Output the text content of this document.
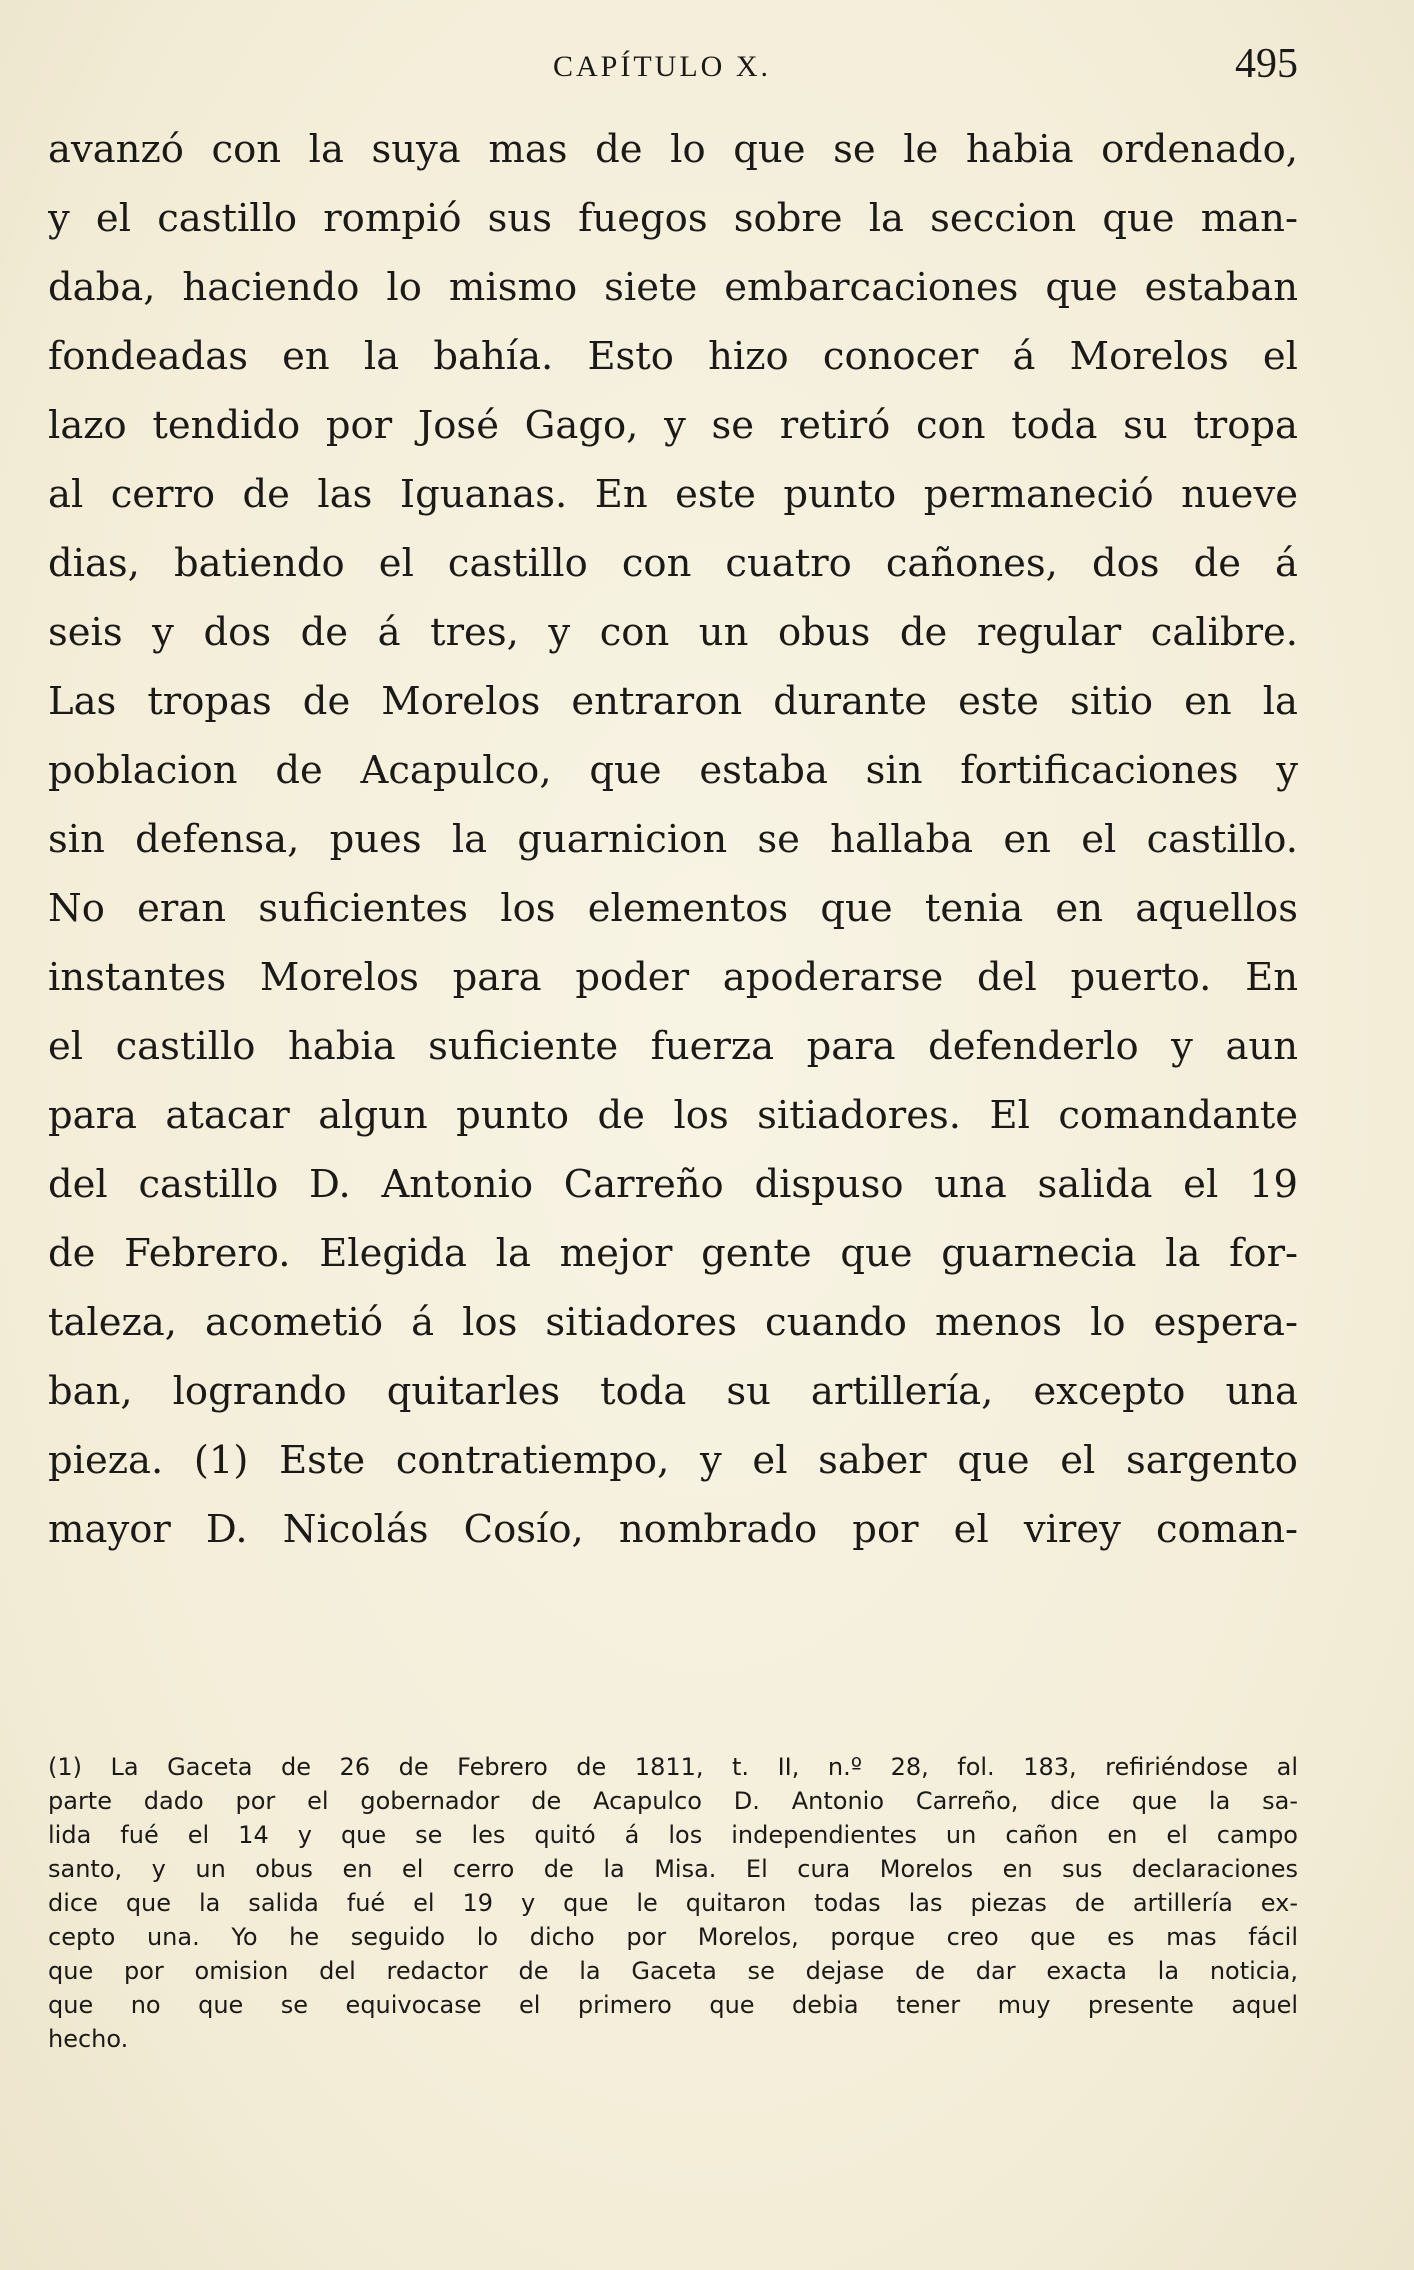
CAPÍTULO X.	495
avanzó con la suya mas de lo que se le habia ordenado,
y el castillo rompió sus fuegos sobre la seccion que man-
daba, haciendo lo mismo siete embarcaciones que estaban
fondeadas en la bahía. Esto hizo conocer á Morelos el
lazo tendido por José Gago, y se retiró con toda su tropa
al cerro de las Iguanas. En este punto permaneció nueve
dias, batiendo el castillo con cuatro cañones, dos de á
seis y dos de á tres, y con un obus de regular calibre.
Las tropas de Morelos entraron durante este sitio en la
poblacion de Acapulco, que estaba sin fortificaciones y
sin defensa, pues la guarnicion se hallaba en el castillo.
No eran suficientes los elementos que tenia en aquellos
instantes Morelos para poder apoderarse del puerto. En
el castillo habia suficiente fuerza para defenderlo y aun
para atacar algun punto de los sitiadores. El comandante
del castillo D. Antonio Carreño dispuso una salida el 19
de Febrero. Elegida la mejor gente que guarnecia la for-
taleza, acometió á los sitiadores cuando menos lo espera-
ban, logrando quitarles toda su artillería, excepto una
pieza. (1) Este contratiempo, y el saber que el sargento
mayor D. Nicolás Cosío, nombrado por el virey coman-
(1) La Gaceta de 26 de Febrero de 1811, t. II, n.º 28, fol. 183, refiriéndose al
parte dado por el gobernador de Acapulco D. Antonio Carreño, dice que la sa-
lida fué el 14 y que se les quitó á los independientes un cañon en el campo
santo, y un obus en el cerro de la Misa. El cura Morelos en sus declaraciones
dice que la salida fué el 19 y que le quitaron todas las piezas de artillería ex-
cepto una. Yo he seguido lo dicho por Morelos, porque creo que es mas fácil
que por omision del redactor de la Gaceta se dejase de dar exacta la noticia,
que no que se equivocase el primero que debia tener muy presente aquel
hecho.
